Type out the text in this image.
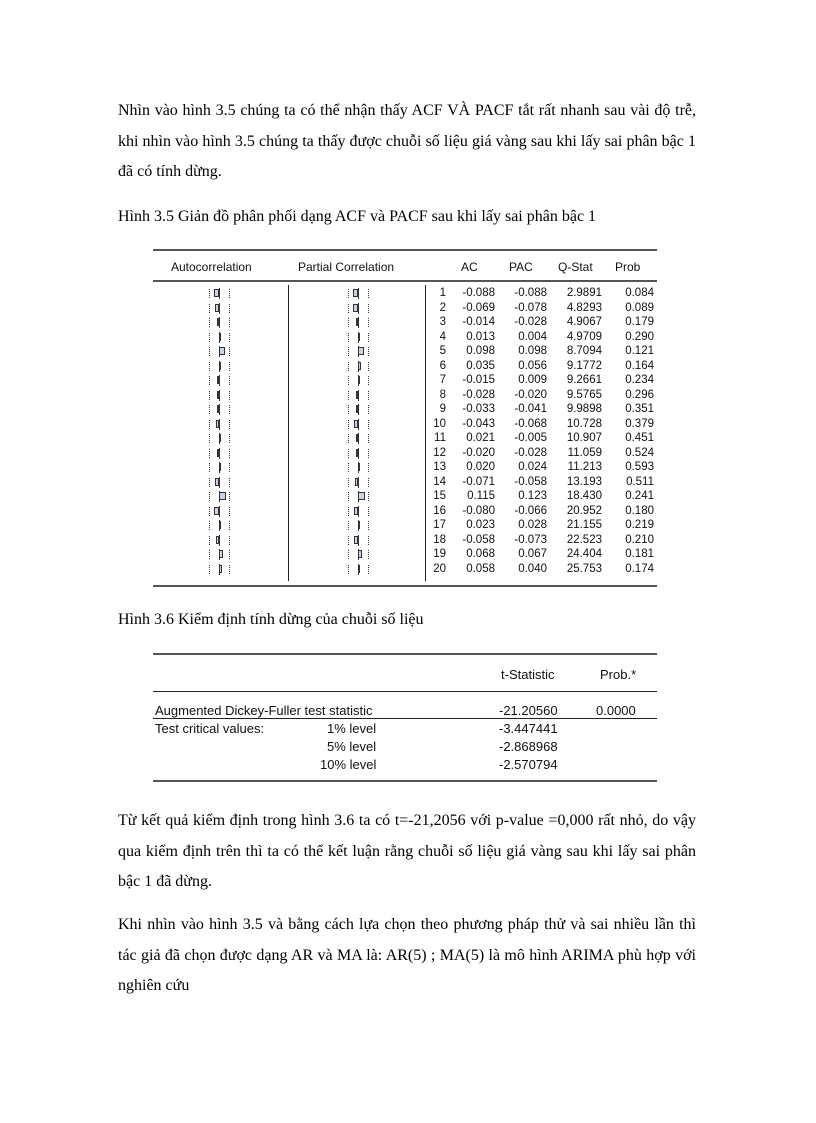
Nhìn vào hình 3.5 chúng ta có thể nhận thấy ACF VÀ PACF tắt rất nhanh sau vài độ trễ, khi nhìn vào hình 3.5 chúng ta thấy được chuỗi số liệu giá vàng sau khi lấy sai phân bậc 1 đã có tính dừng.
Hình 3.5 Giản đồ phân phối dạng ACF và PACF sau khi lấy sai phân bậc 1
Autocorrelation	Partial Correlation	AC	PAC Q-Stat Prob
1	-0.088	-0.088	2.9891	0.084
2	-0.069	-0.078	4.8293	0.089
3	-0.014	-0.028	4.9067	0.179
4	0.013	0.004	4.9709	0.290
5	0.098	0.098	8.7094	0.121
6	0.035	0.056	9.1772	0.164
7	-0.015	0.009	9.2661	0.234
8	-0.028	-0.020	9.5765	0.296
9	-0.033	-0.041	9.9898	0.351
10	-0.043	-0.068	10.728	0.379
11	0.021	-0.005	10.907	0.451
12	-0.020	-0.028	11.059	0.524
13	0.020	0.024	11.213	0.593
14	-0.071	-0.058	13.193	0.511
15	0.115	0.123	18.430	0.241
16	-0.080	-0.066	20.952	0.180
17	0.023	0.028	21.155	0.219
18	-0.058	-0.073	22.523	0.210
19	0.068	0.067	24.404	0.181
20	0.058	0.040	25.753	0.174
Hình 3.6 Kiểm định tính dừng của chuỗi số liệu
t-Statistic	Prob.*
Augmented Dickey-Fuller test statistic	-21.20560	0.0000
Test critical values:	1% level	-3.447441
5% level	-2.868968
10% level	-2.570794
Từ kết quả kiểm định trong hình 3.6 ta có t=-21,2056 với p-value =0,000 rất nhỏ, do vậy qua kiểm định trên thì ta có thể kết luận rằng chuỗi số liệu giá vàng sau khi lấy sai phân bậc 1 đã dừng.
Khi nhìn vào hình 3.5 và bằng cách lựa chọn theo phương pháp thử và sai nhiều lần thì tác giả đã chọn được dạng AR và MA là: AR(5) ; MA(5) là mô hình ARIMA phù hợp với nghiên cứu
